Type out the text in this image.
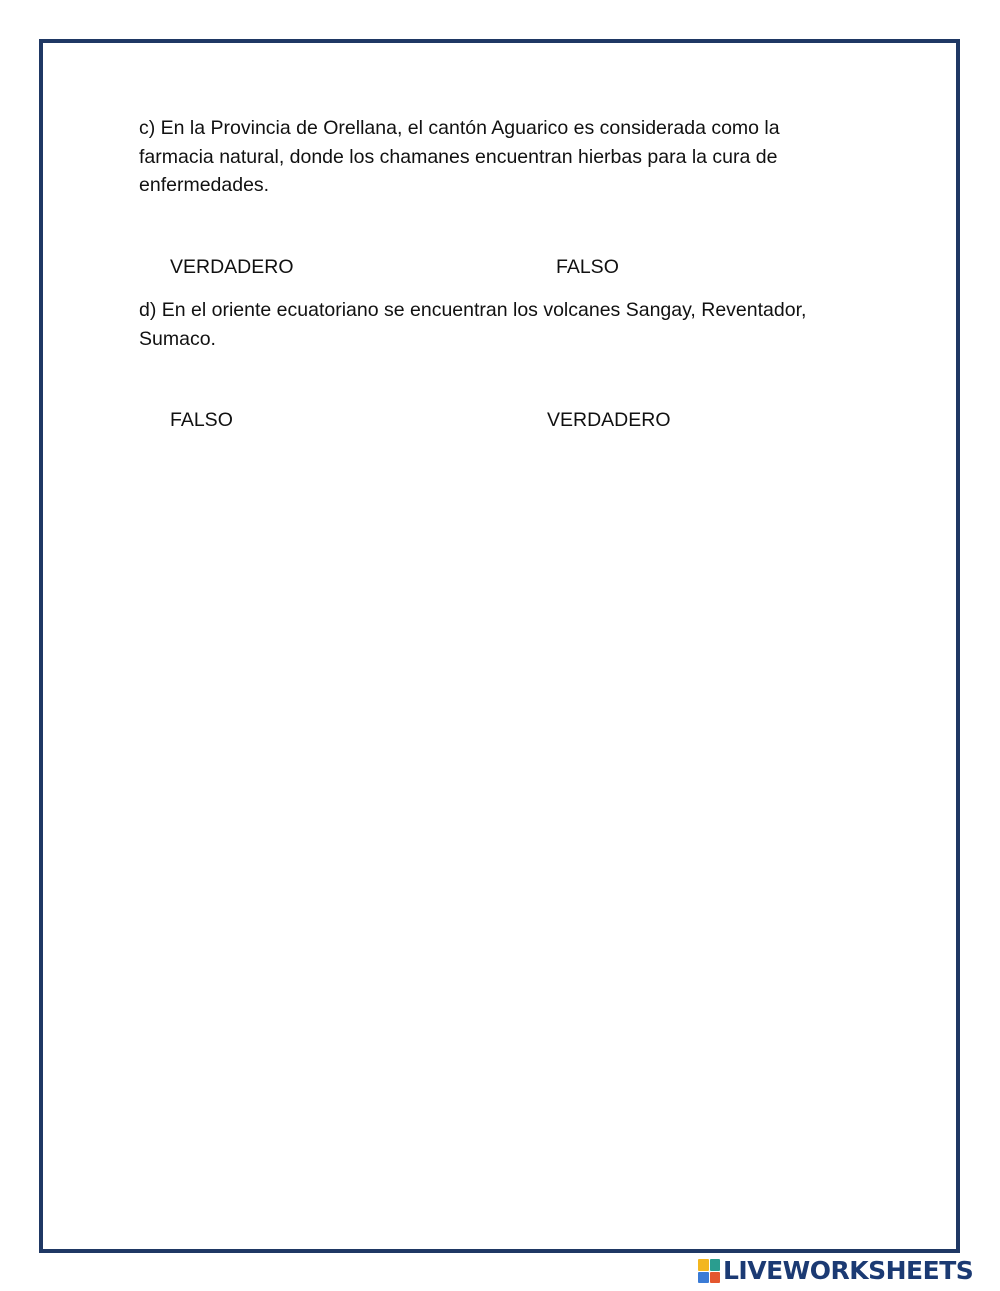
c) En la Provincia de Orellana, el cantón Aguarico es considerada como la farmacia natural, donde los chamanes encuentran hierbas para la cura de enfermedades.

VERDADERO	FALSO

d) En el oriente ecuatoriano se encuentran los volcanes Sangay, Reventador, Sumaco.

FALSO	VERDADERO
LIVEWORKSHEETS
